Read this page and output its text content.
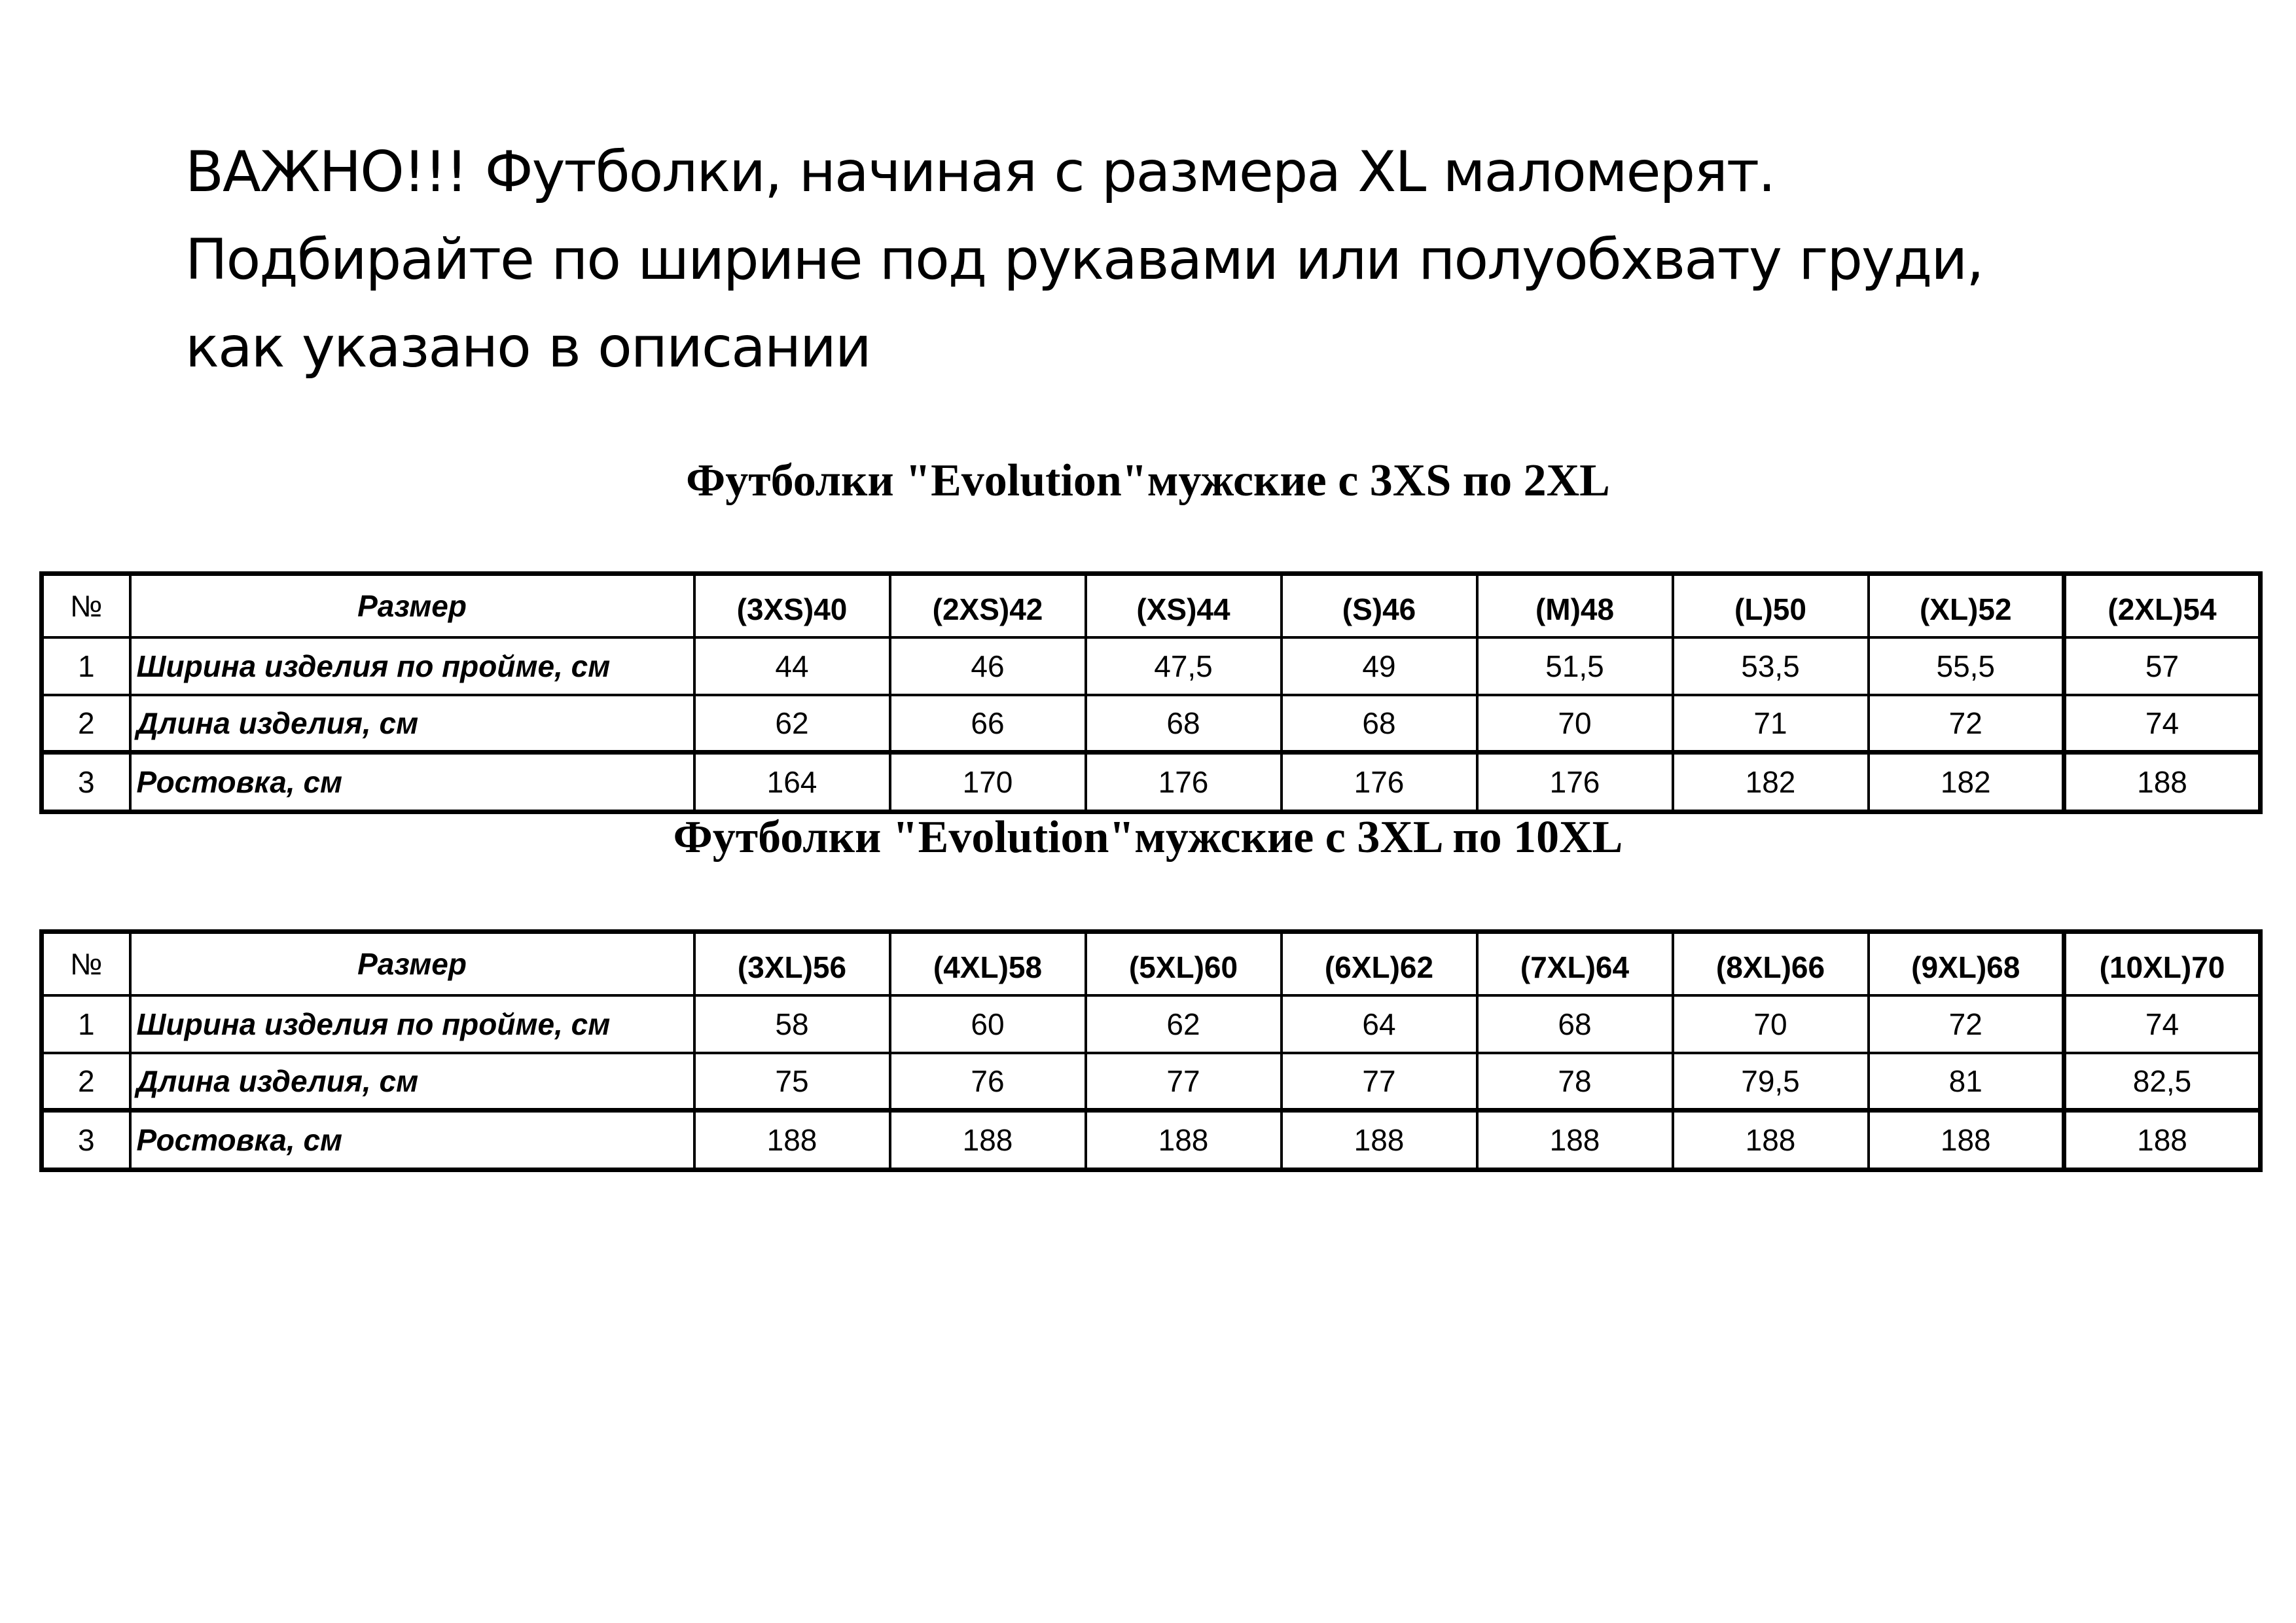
ВАЖНО!!! Футболки, начиная с размера XL маломерят.
Подбирайте по ширине под рукавами или полуобхвату груди,
как указано в описании
Футболки "Evolution"мужские с 3XS по 2XL
№	Размер	(3XS)40	(2XS)42	(XS)44	(S)46	(M)48	(L)50	(XL)52	(2XL)54
1	Ширина изделия по пройме, см	44	46	47,5	49	51,5	53,5	55,5	57
2	Длина изделия, см	62	66	68	68	70	71	72	74
3	Ростовка, см	164	170	176	176	176	182	182	188
Футболки "Evolution"мужские с 3XL по 10XL
№	Размер	(3XL)56	(4XL)58	(5XL)60	(6XL)62	(7XL)64	(8XL)66	(9XL)68	(10XL)70
1	Ширина изделия по пройме, см	58	60	62	64	68	70	72	74
2	Длина изделия, см	75	76	77	77	78	79,5	81	82,5
3	Ростовка, см	188	188	188	188	188	188	188	188
